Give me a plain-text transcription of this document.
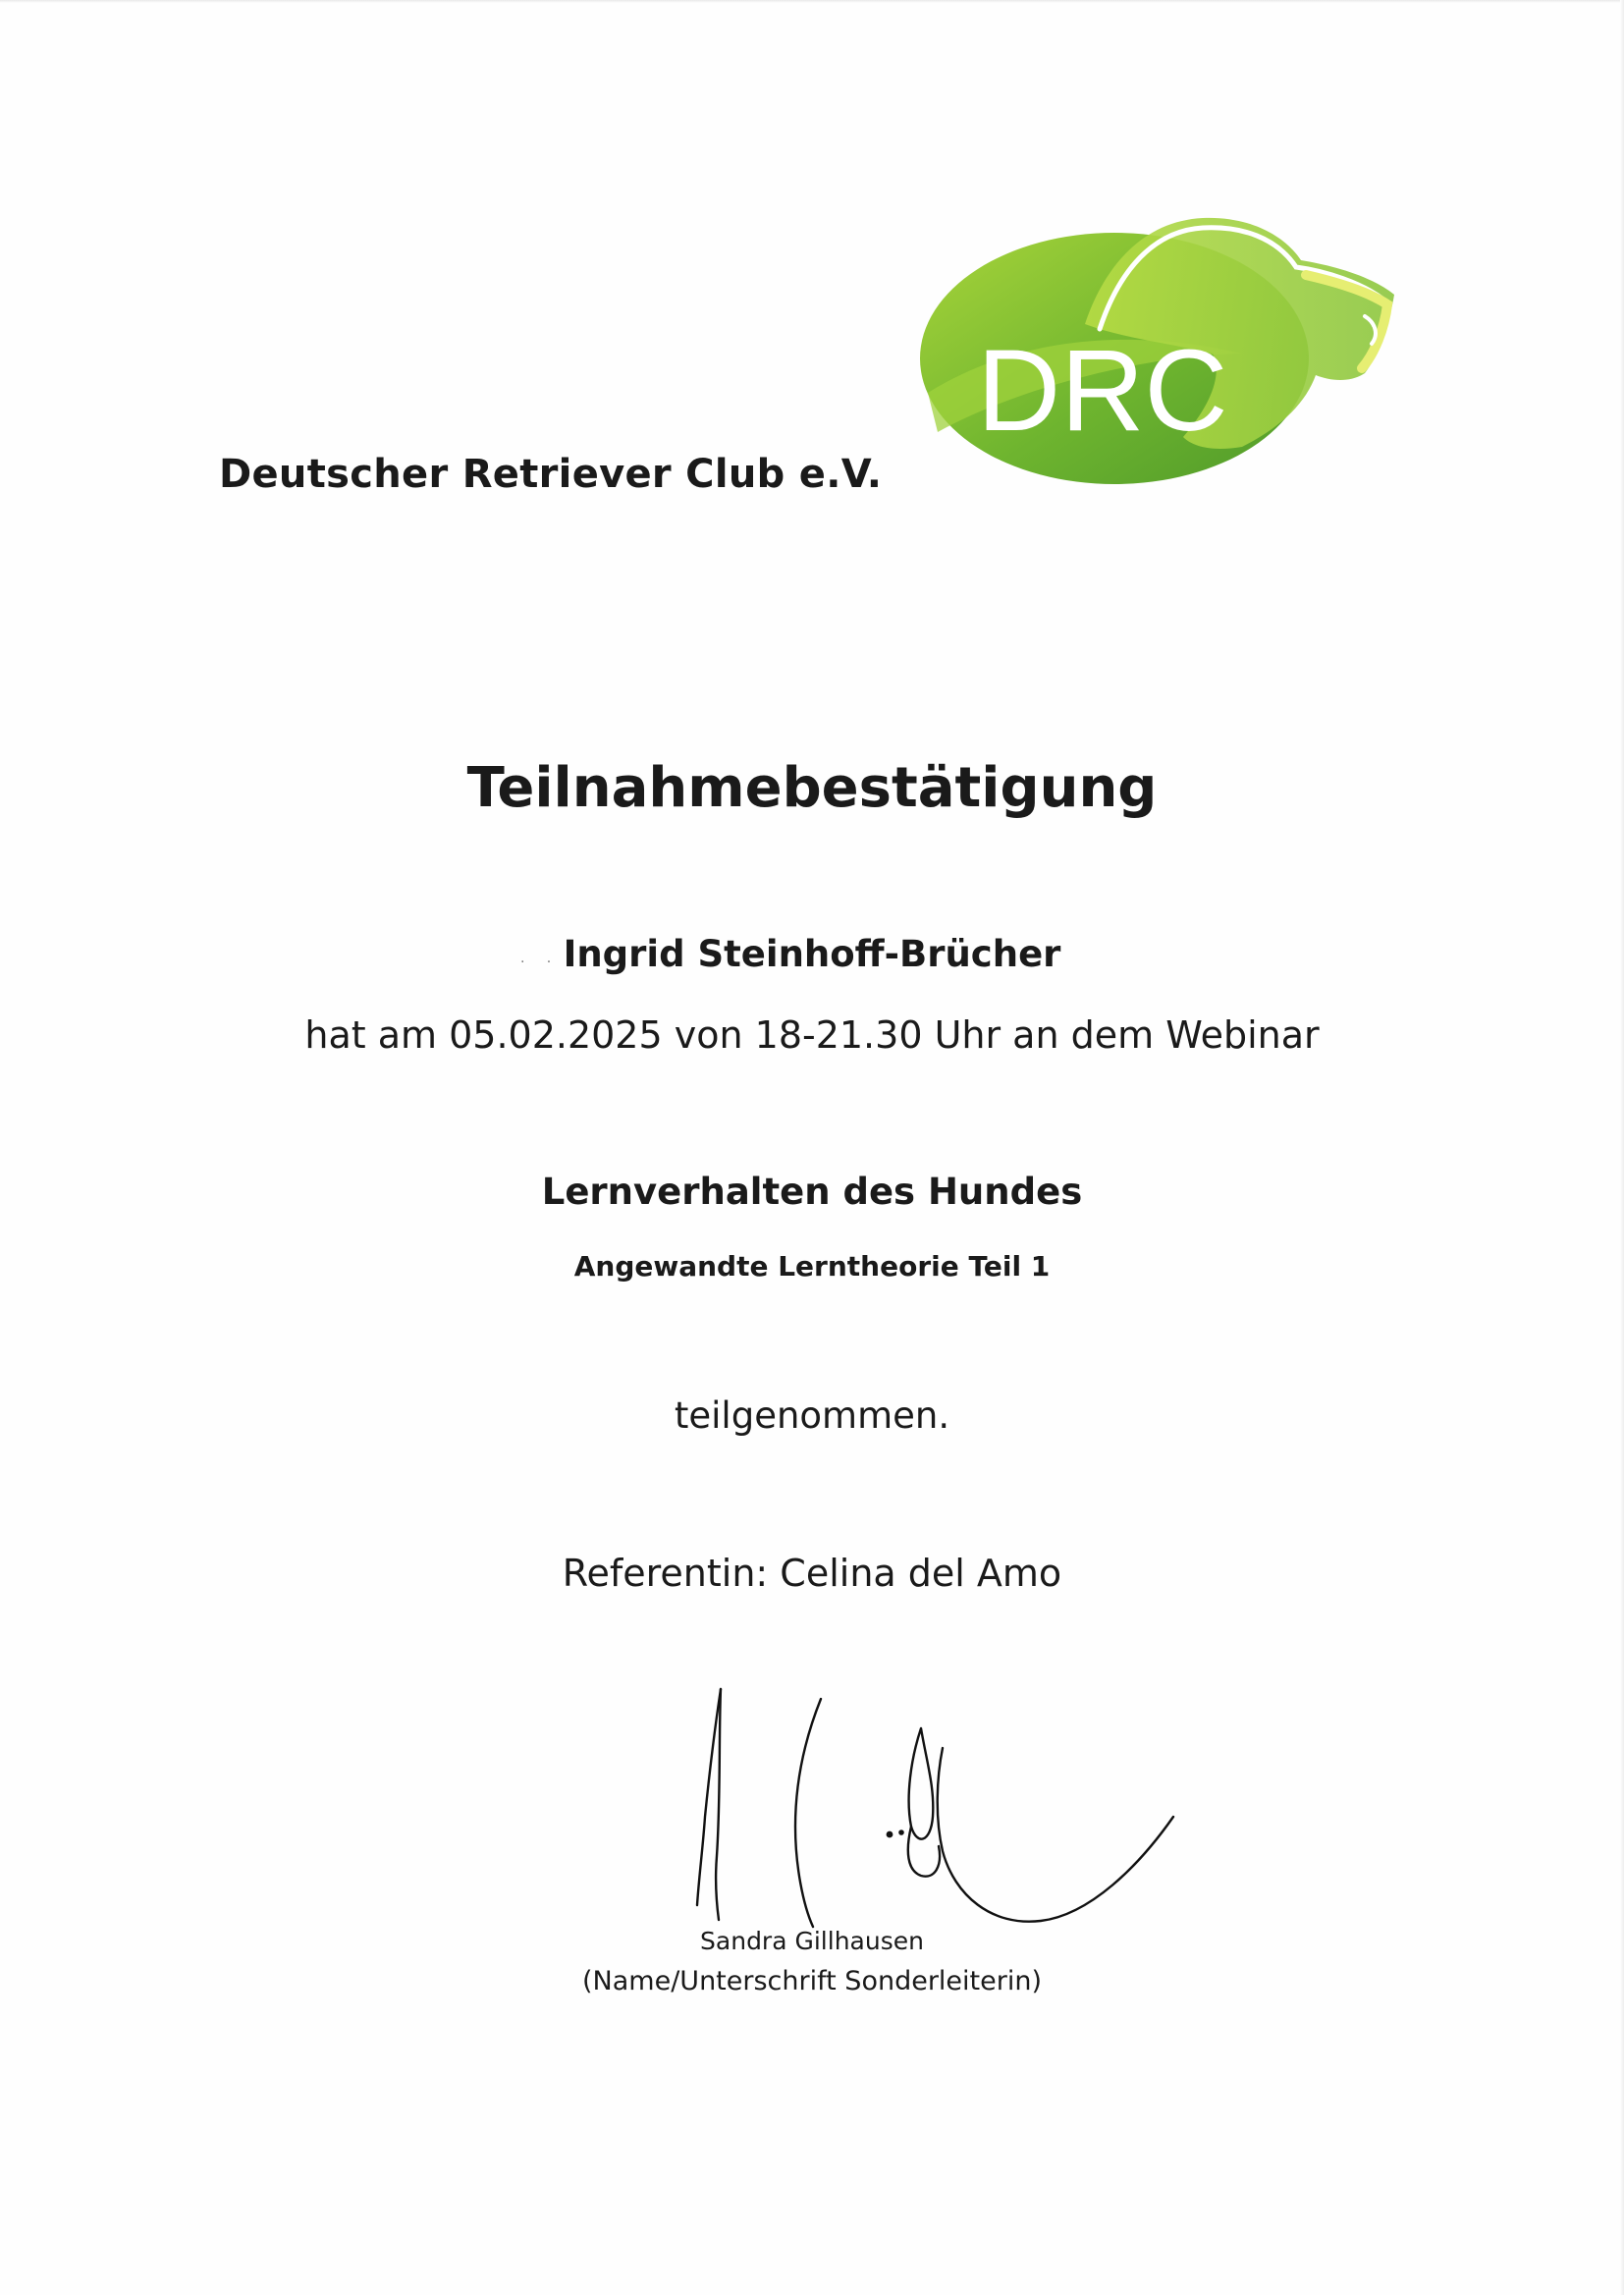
Deutscher Retriever Club e.V.
DRC
Teilnahmebestätigung
·     · Ingrid Steinhoff-Brücher
hat am 05.02.2025 von 18-21.30 Uhr an dem Webinar
Lernverhalten des Hundes
Angewandte Lerntheorie Teil 1
teilgenommen.
Referentin: Celina del Amo
Sandra Gillhausen
(Name/Unterschrift Sonderleiterin)
